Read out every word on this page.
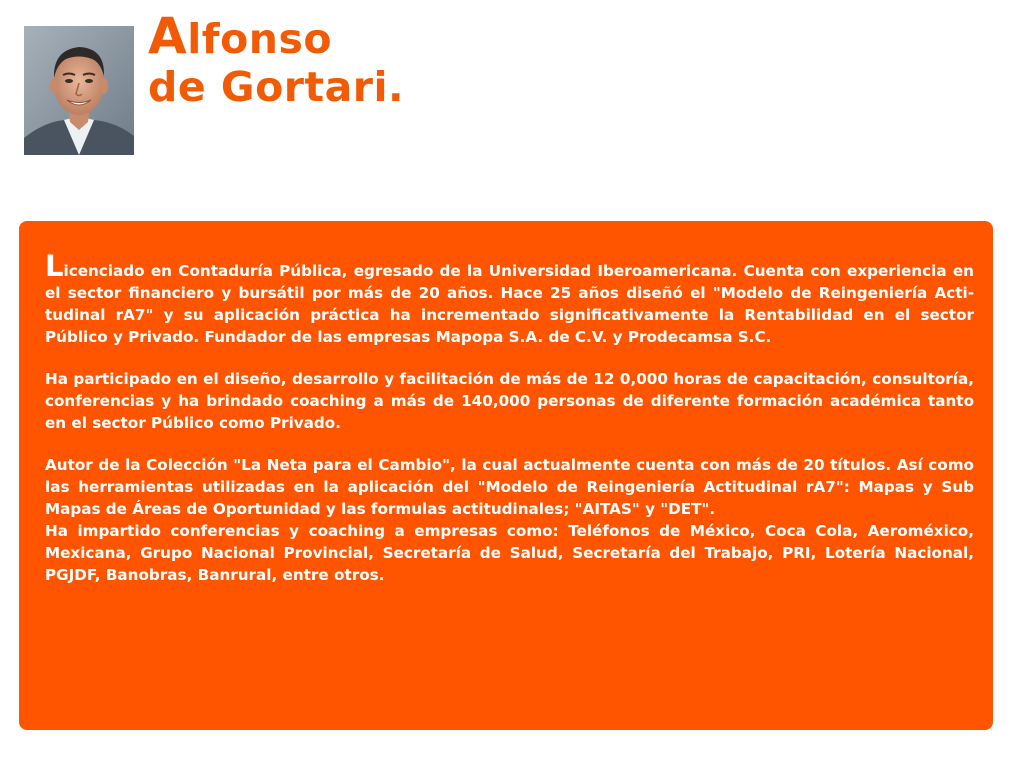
Alfonso
de Gortari.

Licenciado en Contaduría Pública, egresado de la Universidad Iberoamericana. Cuenta con experiencia en el sector financiero y bursátil por más de 20 años. Hace 25 años diseñó el "Modelo de Reingeniería Actitudinal rA7" y su aplicación práctica ha incrementado significativamente la Rentabilidad en el sector Público y Privado. Fundador de las empresas Mapopa S.A. de C.V. y Prodecamsa S.C.

Ha participado en el diseño, desarrollo y facilitación de más de 12 0,000 horas de capacitación, consultoría, conferencias y ha brindado coaching a más de 140,000 personas de diferente formación académica tanto en el sector Público como Privado.

Autor de la Colección "La Neta para el Cambio", la cual actualmente cuenta con más de 20 títulos. Así como las herramientas utilizadas en la aplicación del "Modelo de Reingeniería Actitudinal rA7": Mapas y Sub Mapas de Áreas de Oportunidad y las formulas actitudinales; "AITAS" y "DET".

Ha impartido conferencias y coaching a empresas como: Teléfonos de México, Coca Cola, Aeroméxico, Mexicana, Grupo Nacional Provincial, Secretaría de Salud, Secretaría del Trabajo, PRI, Lotería Nacional, PGJDF, Banobras, Banrural, entre otros.
